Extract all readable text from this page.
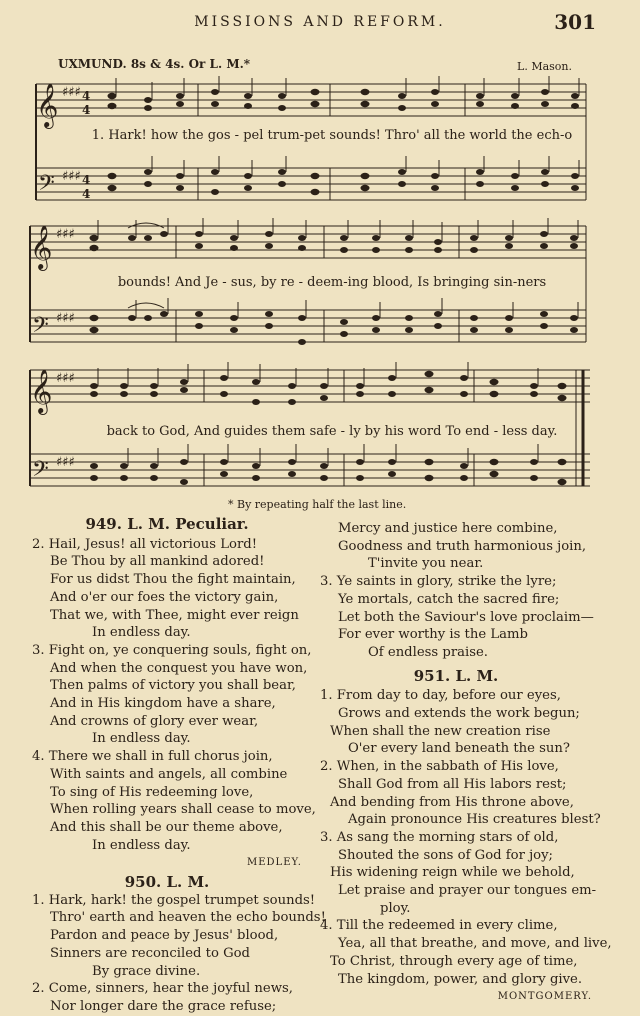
MISSIONS AND REFORM.	301
UXMUND. 8s & 4s. Or L. M.*	L. Mason.
𝄞
𝄢
♯♯♯
♯♯♯
4
4
4
4
1. Hark! how the gos - pel trum-pet sounds! Thro' all the world the ech-o
𝄞
𝄢
♯♯♯
♯♯♯
bounds! And Je - sus, by re - deem-ing blood, Is bringing sin-ners
𝄞
𝄢
♯♯♯
♯♯♯
back to God, And guides them safe - ly by his word To end - less day.
* By repeating half the last line.
949. L. M. Peculiar.
2. Hail, Jesus! all victorious Lord!
Be Thou by all mankind adored!
For us didst Thou the fight maintain,
And o'er our foes the victory gain,
That we, with Thee, might ever reign
In endless day.
3. Fight on, ye conquering souls, fight on,
And when the conquest you have won,
Then palms of victory you shall bear,
And in His kingdom have a share,
And crowns of glory ever wear,
In endless day.
4. There we shall in full chorus join,
With saints and angels, all combine
To sing of His redeeming love,
When rolling years shall cease to move,
And this shall be our theme above,
In endless day.
MEDLEY.
950. L. M.
1. Hark, hark! the gospel trumpet sounds!
Thro' earth and heaven the echo bounds!
Pardon and peace by Jesus' blood,
Sinners are reconciled to God
By grace divine.
2. Come, sinners, hear the joyful news,
Nor longer dare the grace refuse;
Mercy and justice here combine,
Goodness and truth harmonious join,
T'invite you near.
3. Ye saints in glory, strike the lyre;
Ye mortals, catch the sacred fire;
Let both the Saviour's love proclaim—
For ever worthy is the Lamb
Of endless praise.
951. L. M.
1. From day to day, before our eyes,
Grows and extends the work begun;
When shall the new creation rise
O'er every land beneath the sun?
2. When, in the sabbath of His love,
Shall God from all His labors rest;
And bending from His throne above,
Again pronounce His creatures blest?
3. As sang the morning stars of old,
Shouted the sons of God for joy;
His widening reign while we behold,
Let praise and prayer our tongues em-
ploy.
4. Till the redeemed in every clime,
Yea, all that breathe, and move, and live,
To Christ, through every age of time,
The kingdom, power, and glory give.
MONTGOMERY.
